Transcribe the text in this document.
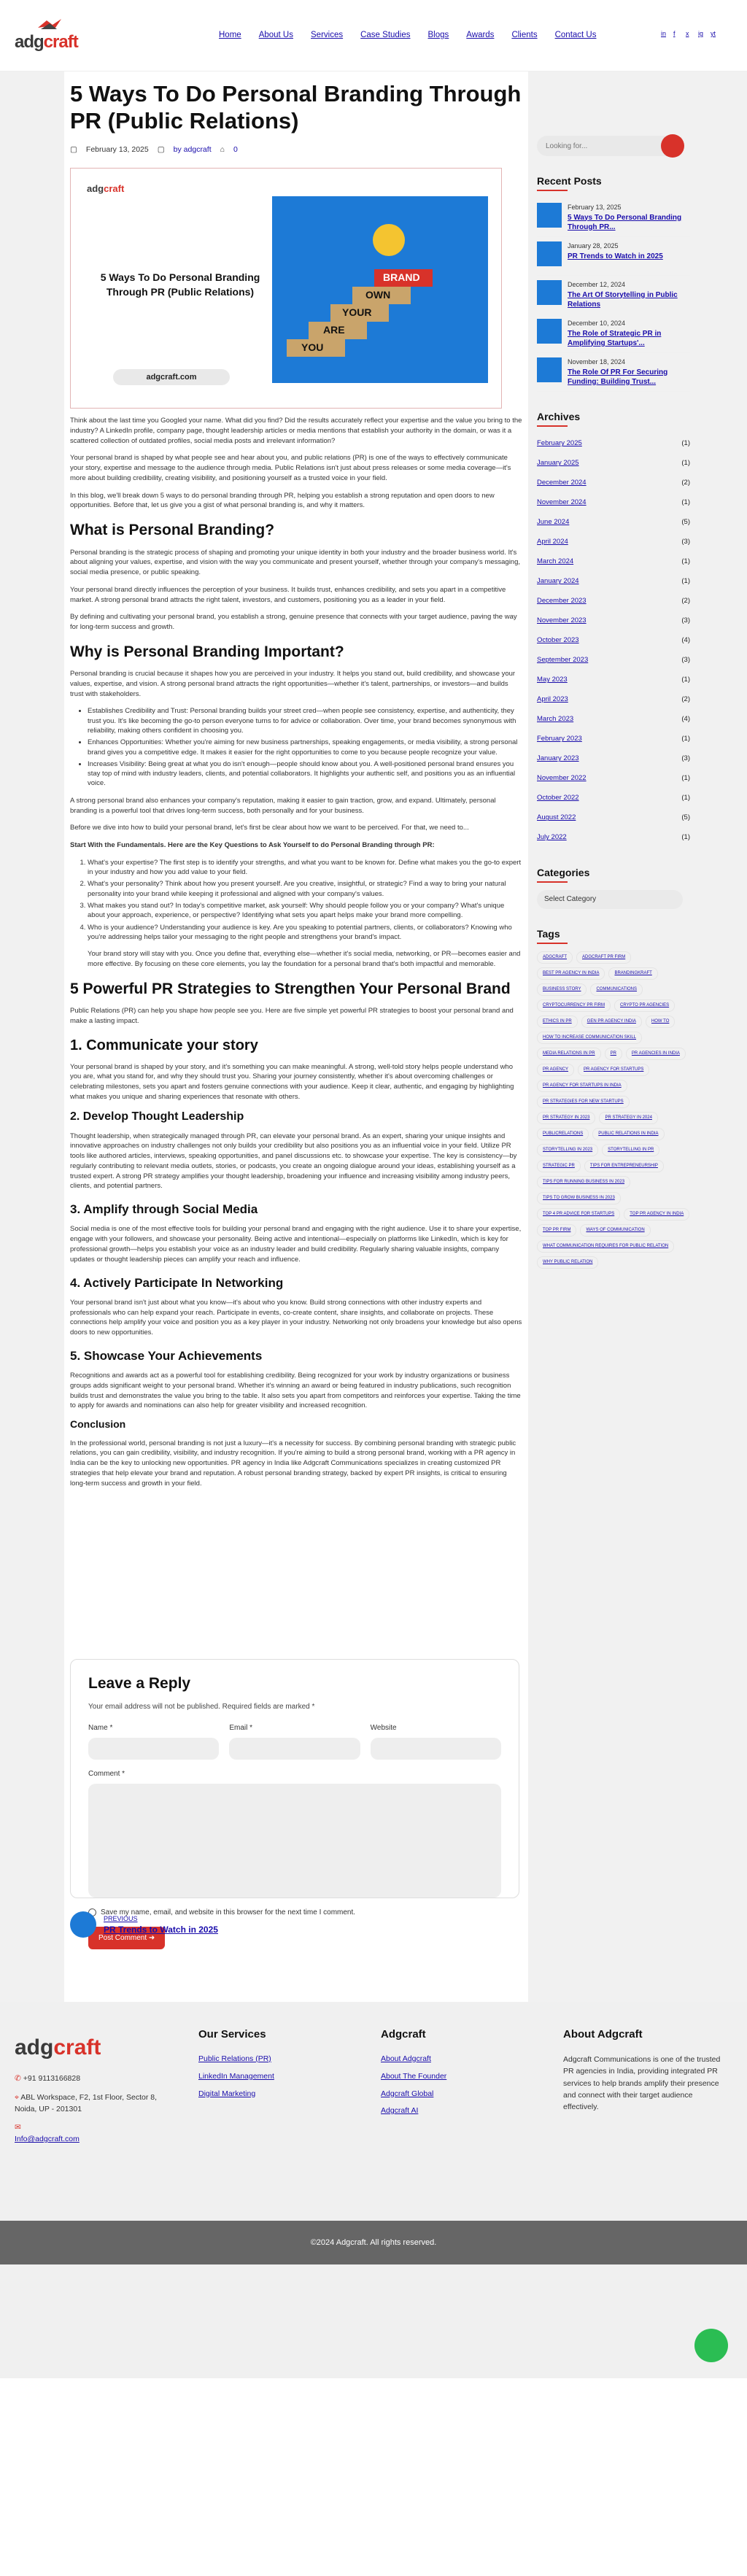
adgcraft	Home About Us Services Case Studies Blogs Awards Clients Contact Us	in	f	x	ig	yt
5 Ways To Do Personal Branding Through PR (Public Relations)
▢ February 13, 2025 ▢ by adgcraft ⌂ 0
adgcraft
5 Ways To Do Personal Branding Through PR (Public Relations)
adgcraft.com
YOU
ARE
YOUR
OWN
BRAND

Think about the last time you Googled your name. What did you find? Did the results accurately reflect your expertise and the value you bring to the industry? A LinkedIn profile, company page, thought leadership articles or media mentions that establish your authority in the domain, or was it a scattered collection of outdated profiles, social media posts and irrelevant information?

Your personal brand is shaped by what people see and hear about you, and public relations (PR) is one of the ways to effectively communicate your story, expertise and message to the audience through media. Public Relations isn't just about press releases or some media coverage—it's more about building credibility, creating visibility, and positioning yourself as a trusted voice in your field.

In this blog, we'll break down 5 ways to do personal branding through PR, helping you establish a strong reputation and open doors to new opportunities. Before that, let us give you a gist of what personal branding is, and why it matters.

What is Personal Branding?

Personal branding is the strategic process of shaping and promoting your unique identity in both your industry and the broader business world. It's about aligning your values, expertise, and vision with the way you communicate and present yourself, whether through your company's messaging, social media presence, or public speaking.

Your personal brand directly influences the perception of your business. It builds trust, enhances credibility, and sets you apart in a competitive market. A strong personal brand attracts the right talent, investors, and customers, positioning you as a leader in your field.

By defining and cultivating your personal brand, you establish a strong, genuine presence that connects with your target audience, paving the way for long-term success and growth.

Why is Personal Branding Important?

Personal branding is crucial because it shapes how you are perceived in your industry. It helps you stand out, build credibility, and showcase your values, expertise, and vision. A strong personal brand attracts the right opportunities—whether it's talent, partnerships, or investors—and builds trust with stakeholders.

• Establishes Credibility and Trust: Personal branding builds your street cred—when people see consistency, expertise, and authenticity, they trust you. It's like becoming the go-to person everyone turns to for advice or collaboration. Over time, your brand becomes synonymous with reliability, making others confident in choosing you.
• Enhances Opportunities: Whether you're aiming for new business partnerships, speaking engagements, or media visibility, a strong personal brand gives you a competitive edge. It makes it easier for the right opportunities to come to you because people recognize your value.
• Increases Visibility: Being great at what you do isn't enough—people should know about you. A well-positioned personal brand ensures you stay top of mind with industry leaders, clients, and potential collaborators. It highlights your authentic self, and positions you as an influential voice.

A strong personal brand also enhances your company's reputation, making it easier to gain traction, grow, and expand. Ultimately, personal branding is a powerful tool that drives long-term success, both personally and for your business.

Before we dive into how to build your personal brand, let's first be clear about how we want to be perceived. For that, we need to...

Start With the Fundamentals. Here are the Key Questions to Ask Yourself to do Personal Branding through PR:

1. What's your expertise? The first step is to identify your strengths, and what you want to be known for. Define what makes you the go-to expert in your industry and how you add value to your field.
2. What's your personality? Think about how you present yourself. Are you creative, insightful, or strategic? Find a way to bring your natural personality into your brand while keeping it professional and aligned with your company's values.
3. What makes you stand out? In today's competitive market, ask yourself: Why should people follow you or your company? What's unique about your approach, experience, or perspective? Identifying what sets you apart helps make your brand more compelling.
4. Who is your audience? Understanding your audience is key. Are you speaking to potential partners, clients, or collaborators? Knowing who you're addressing helps tailor your messaging to the right people and strengthens your brand's impact.

Your brand story will stay with you. Once you define that, everything else—whether it's social media, networking, or PR—becomes easier and more effective. By focusing on these core elements, you lay the foundation for a personal brand that's both impactful and memorable.

5 Powerful PR Strategies to Strengthen Your Personal Brand

Public Relations (PR) can help you shape how people see you. Here are five simple yet powerful PR strategies to boost your personal brand and make a lasting impact.

1. Communicate your story

Your personal brand is shaped by your story, and it's something you can make meaningful. A strong, well-told story helps people understand who you are, what you stand for, and why they should trust you. Sharing your journey consistently, whether it's about overcoming challenges or celebrating milestones, sets you apart and fosters genuine connections with your audience. Keep it clear, authentic, and engaging by highlighting what makes you unique and sharing experiences that resonate with others.

2. Develop Thought Leadership

Thought leadership, when strategically managed through PR, can elevate your personal brand. As an expert, sharing your unique insights and innovative approaches on industry challenges not only builds your credibility but also positions you as an influential voice in your field. Utilize PR tools like authored articles, interviews, speaking opportunities, and panel discussions etc. to showcase your expertise. The key is consistency—by regularly contributing to relevant media outlets, stories, or podcasts, you create an ongoing dialogue around your ideas, establishing yourself as a trusted expert. A strong PR strategy amplifies your thought leadership, broadening your influence and increasing visibility among industry peers, clients, and potential partners.

3. Amplify through Social Media

Social media is one of the most effective tools for building your personal brand and engaging with the right audience. Use it to share your expertise, engage with your followers, and showcase your personality. Being active and intentional—especially on platforms like LinkedIn, which is key for professional growth—helps you establish your voice as an industry leader and build credibility. Regularly sharing valuable insights, company updates or thought leadership pieces can amplify your reach and influence.

4. Actively Participate In Networking

Your personal brand isn't just about what you know—it's about who you know. Build strong connections with other industry experts and professionals who can help expand your reach. Participate in events, co-create content, share insights, and collaborate on projects. These connections help amplify your voice and position you as a key player in your industry. Networking not only broadens your knowledge but also opens doors to new opportunities.

5. Showcase Your Achievements

Recognitions and awards act as a powerful tool for establishing credibility. Being recognized for your work by industry organizations or business groups adds significant weight to your personal brand. Whether it's winning an award or being featured in industry publications, such recognition builds trust and demonstrates the value you bring to the table. It also sets you apart from competitors and reinforces your expertise. Taking the time to apply for awards and nominations can also help for greater visibility and increased recognition.

Conclusion

In the professional world, personal branding is not just a luxury—it's a necessity for success. By combining personal branding with strategic public relations, you can gain credibility, visibility, and industry recognition. If you're aiming to build a strong personal brand, working with a PR agency in India can be the key to unlocking new opportunities. PR agency in India like Adgcraft Communications specializes in creating customized PR strategies that help elevate your brand and reputation. A robust personal branding strategy, backed by expert PR insights, is critical to ensuring long-term success and growth in your field.

Leave a Reply
Your email address will not be published. Required fields are marked *
Name *	Email *	Website
Comment *
Save my name, email, and website in this browser for the next time I comment.
Post Comment ➜
PREVIOUS
PR Trends to Watch in 2025
Looking for...
Recent Posts
February 13, 2025
5 Ways To Do Personal Branding Through PR...
January 28, 2025
PR Trends to Watch in 2025
December 12, 2024
The Art Of Storytelling in Public Relations
December 10, 2024
The Role of Strategic PR in Amplifying Startups'...
November 18, 2024
The Role Of PR For Securing Funding: Building Trust...
Archives
February 2025	(1)
January 2025	(1)
December 2024	(2)
November 2024	(1)
June 2024	(5)
April 2024	(3)
March 2024	(1)
January 2024	(1)
December 2023	(2)
November 2023	(3)
October 2023	(4)
September 2023	(3)
May 2023	(1)
April 2023	(2)
March 2023	(4)
February 2023	(1)
January 2023	(3)
November 2022	(1)
October 2022	(1)
August 2022	(5)
July 2022	(1)
Categories
Select Category
Tags
ADGCRAFT	ADGCRAFT PR FIRM
BEST PR AGENCY IN INDIA	BRANDINGKRAFT
BUSINESS STORY	COMMUNICATIONS
CRYPTOCURRENCY PR FIRM	CRYPTO PR AGENCIES
ETHICS IN PR	GEN PR AGENCY INDIA	HOW TO
HOW TO INCREASE COMMUNICATION SKILL
MEDIA RELATIONS IN PR	PR	PR AGENCIES IN INDIA
PR AGENCY	PR AGENCY FOR STARTUPS
PR AGENCY FOR STARTUPS IN INDIA
PR STRATEGIES FOR NEW STARTUPS
PR STRATEGY IN 2023	PR STRATEGY IN 2024
PUBLICRELATIONS	PUBLIC RELATIONS IN INDIA
STORYTELLING IN 2023	STORYTELLING IN PR
STRATEGIC PR	TIPS FOR ENTREPRENEURSHIP
TIPS FOR RUNNING BUSINESS IN 2023
TIPS TO GROW BUSINESS IN 2023
TOP 4 PR ADVICE FOR STARTUPS	TOP PR AGENCY IN INDIA
TOP PR FIRM	WAYS OF COMMUNICATION
WHAT COMMUNICATION REQUIRES FOR PUBLIC RELATION
WHY PUBLIC RELATION
adgcraft
✆ +91 9113166828
⌖ ABL Workspace, F2, 1st Floor, Sector 8, Noida, UP - 201301
✉
Info@adgcraft.com
Our Services
Public Relations (PR)
LinkedIn Management
Digital Marketing
Adgcraft
About Adgcraft
About The Founder
Adgcraft Global
Adgcraft AI
About Adgcraft

Adgcraft Communications is one of the trusted PR agencies in India, providing integrated PR services to help brands amplify their presence and connect with their target audience effectively.

©2024 Adgcraft. All rights reserved.
